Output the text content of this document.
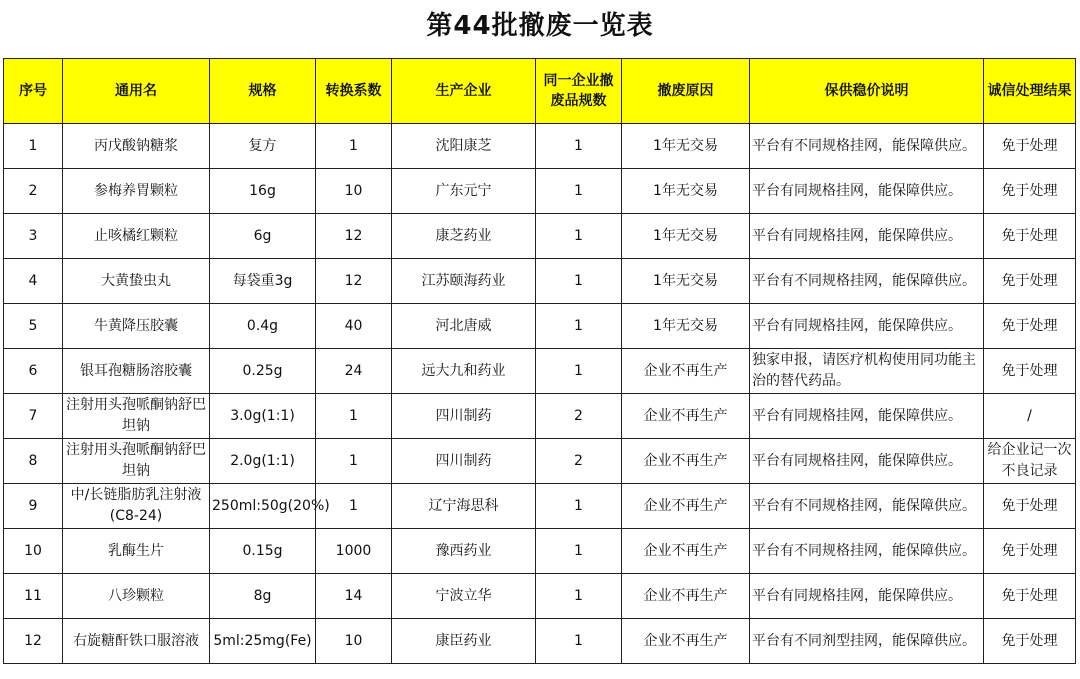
第44批撤废一览表
序号	通用名	规格	转换系数	生产企业	同一企业撤废品规数	撤废原因	保供稳价说明	诚信处理结果
1	丙戊酸钠糖浆	复方	1	沈阳康芝	1	1年无交易	平台有不同规格挂网，能保障供应。	免于处理
2	参梅养胃颗粒	16g	10	广东元宁	1	1年无交易	平台有同规格挂网，能保障供应。	免于处理
3	止咳橘红颗粒	6g	12	康芝药业	1	1年无交易	平台有同规格挂网，能保障供应。	免于处理
4	大黄蛰虫丸	每袋重3g	12	江苏颐海药业	1	1年无交易	平台有不同规格挂网，能保障供应。	免于处理
5	牛黄降压胶囊	0.4g	40	河北唐威	1	1年无交易	平台有同规格挂网，能保障供应。	免于处理
6	银耳孢糖肠溶胶囊	0.25g	24	远大九和药业	1	企业不再生产	独家申报，请医疗机构使用同功能主治的替代药品。	免于处理
7	注射用头孢哌酮钠舒巴坦钠	3.0g(1:1)	1	四川制药	2	企业不再生产	平台有同规格挂网，能保障供应。	/
8	注射用头孢哌酮钠舒巴坦钠	2.0g(1:1)	1	四川制药	2	企业不再生产	平台有同规格挂网，能保障供应。	给企业记一次不良记录
9	中/长链脂肪乳注射液(C8-24)	250ml:50g(20%)	1	辽宁海思科	1	企业不再生产	平台有不同规格挂网，能保障供应。	免于处理
10	乳酶生片	0.15g	1000	豫西药业	1	企业不再生产	平台有不同规格挂网，能保障供应。	免于处理
11	八珍颗粒	8g	14	宁波立华	1	企业不再生产	平台有同规格挂网，能保障供应。	免于处理
12	右旋糖酐铁口服溶液	5ml:25mg(Fe)	10	康臣药业	1	企业不再生产	平台有不同剂型挂网，能保障供应。	免于处理
